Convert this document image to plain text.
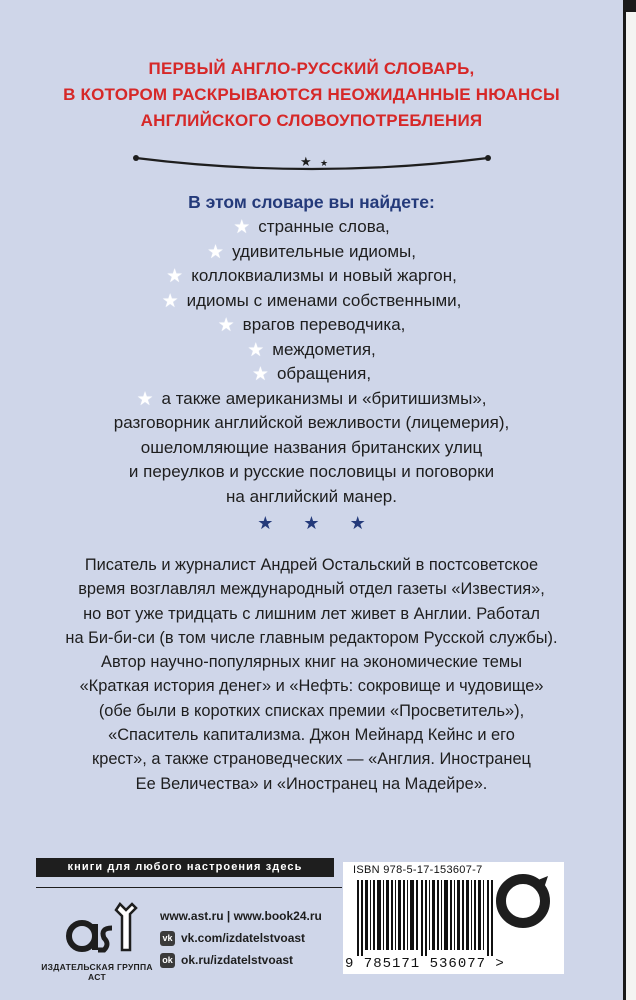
ПЕРВЫЙ АНГЛО-РУССКИЙ СЛОВАРЬ,
В КОТОРОМ РАСКРЫВАЮТСЯ НЕОЖИДАННЫЕ НЮАНСЫ
АНГЛИЙСКОГО СЛОВОУПОТРЕБЛЕНИЯ
★ ★
В этом словаре вы найдете:
★ странные слова,
★ удивительные идиомы,
★ коллоквиализмы и новый жаргон,
★ идиомы с именами собственными,
★ врагов переводчика,
★ междометия,
★ обращения,
★ а также американизмы и «бритишизмы»,
разговорник английской вежливости (лицемерия),
ошеломляющие названия британских улиц
и переулков и русские пословицы и поговорки
на английский манер.
★ ★ ★
Писатель и журналист Андрей Остальский в постсоветское
время возглавлял международный отдел газеты «Известия»,
но вот уже тридцать с лишним лет живет в Англии. Работал
на Би-би-си (в том числе главным редактором Русской службы).
Автор научно-популярных книг на экономические темы
«Краткая история денег» и «Нефть: сокровище и чудовище»
(обе были в коротких списках премии «Просветитель»),
«Спаситель капитализма. Джон Мейнард Кейнс и его
крест», а также страноведческих — «Англия. Иностранец
Ее Величества» и «Иностранец на Мадейре».
книги для любого настроения здесь
аст
ИЗДАТЕЛЬСКАЯ ГРУППА АСТ
www.ast.ru | www.book24.ru
vk vk.com/izdatelstvoast
ok ok.ru/izdatelstvoast
ISBN 978-5-17-153607-7
9 785171 536077 >
